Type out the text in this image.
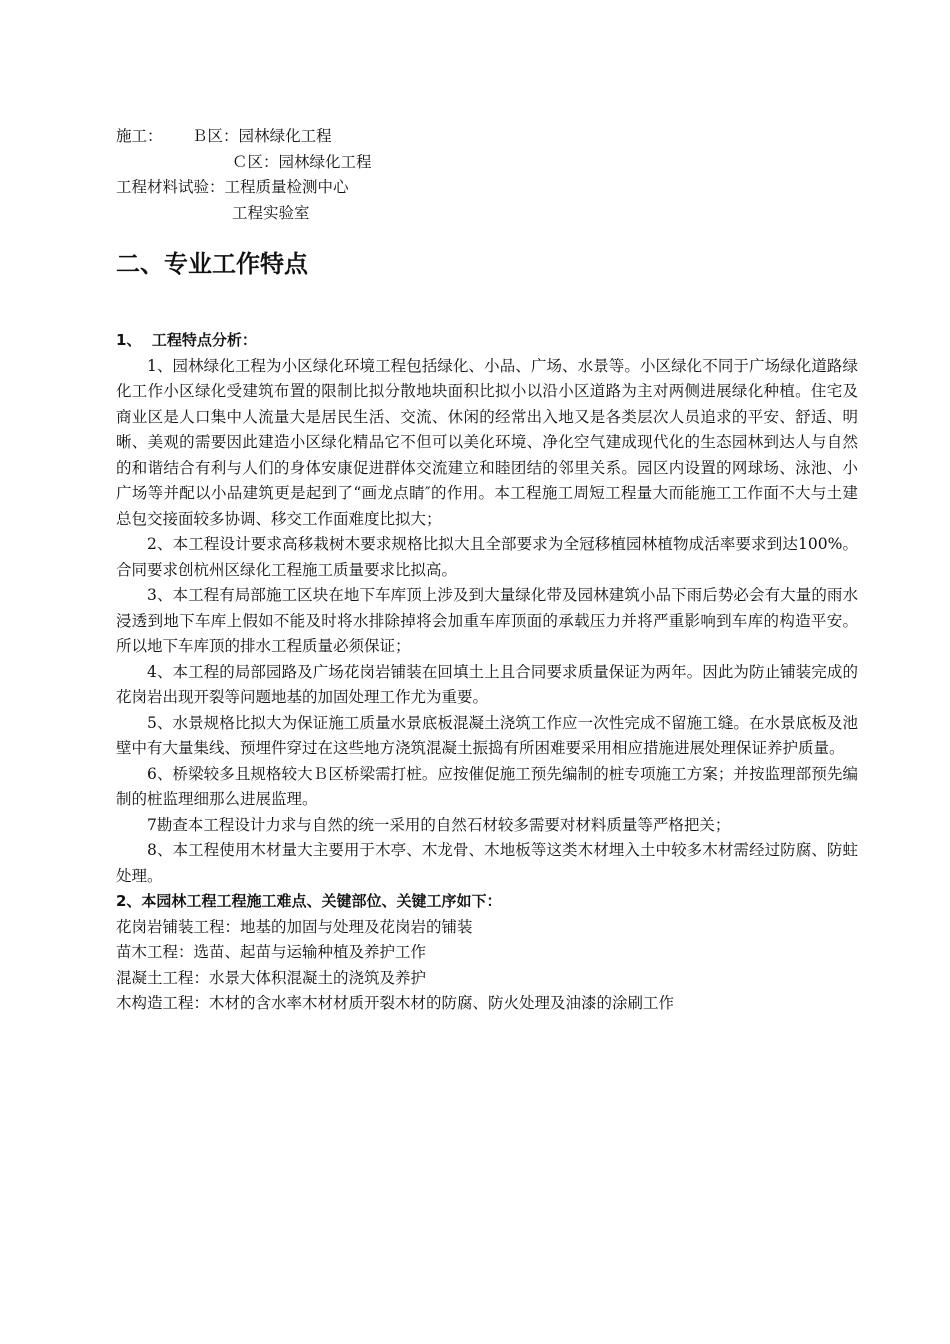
施工：      Ｂ区：园林绿化工程
Ｃ区：园林绿化工程
工程材料试验：工程质量检测中心
工程实验室
二、专业工作特点
1、  工程特点分析：
1、园林绿化工程为小区绿化环境工程包括绿化、小品、广场、水景等。小区绿化不同于广场绿化道路绿化工作小区绿化受建筑布置的限制比拟分散地块面积比拟小以沿小区道路为主对两侧进展绿化种植。住宅及商业区是人口集中人流量大是居民生活、交流、休闲的经常出入地又是各类层次人员追求的平安、舒适、明晰、美观的需要因此建造小区绿化精品它不但可以美化环境、净化空气建成现代化的生态园林到达人与自然的和谐结合有利与人们的身体安康促进群体交流建立和睦团结的邻里关系。园区内设置的网球场、泳池、小广场等并配以小品建筑更是起到了“画龙点睛″的作用。本工程施工周短工程量大而能施工工作面不大与土建总包交接面较多协调、移交工作面难度比拟大；
2、本工程设计要求高移栽树木要求规格比拟大且全部要求为全冠移植园林植物成活率要求到达100%。合同要求创杭州区绿化工程施工质量要求比拟高。
3、本工程有局部施工区块在地下车库顶上涉及到大量绿化带及园林建筑小品下雨后势必会有大量的雨水浸透到地下车库上假如不能及时将水排除掉将会加重车库顶面的承载压力并将严重影响到车库的构造平安。所以地下车库顶的排水工程质量必须保证；
4、本工程的局部园路及广场花岗岩铺装在回填土上且合同要求质量保证为两年。因此为防止铺装完成的花岗岩出现开裂等问题地基的加固处理工作尤为重要。
5、水景规格比拟大为保证施工质量水景底板混凝土浇筑工作应一次性完成不留施工缝。在水景底板及池壁中有大量集线、预埋件穿过在这些地方浇筑混凝土振捣有所困难要采用相应措施进展处理保证养护质量。
6、桥梁较多且规格较大Ｂ区桥梁需打桩。应按催促施工预先编制的桩专项施工方案；并按监理部预先编制的桩监理细那么进展监理。
7勘查本工程设计力求与自然的统一采用的自然石材较多需要对材料质量等严格把关；
8、本工程使用木材量大主要用于木亭、木龙骨、木地板等这类木材埋入土中较多木材需经过防腐、防蛀处理。
2、本园林工程工程施工难点、关键部位、关键工序如下：
花岗岩铺装工程：地基的加固与处理及花岗岩的铺装
苗木工程：选苗、起苗与运输种植及养护工作
混凝土工程：水景大体积混凝土的浇筑及养护
木构造工程：木材的含水率木材材质开裂木材的防腐、防火处理及油漆的涂刷工作
